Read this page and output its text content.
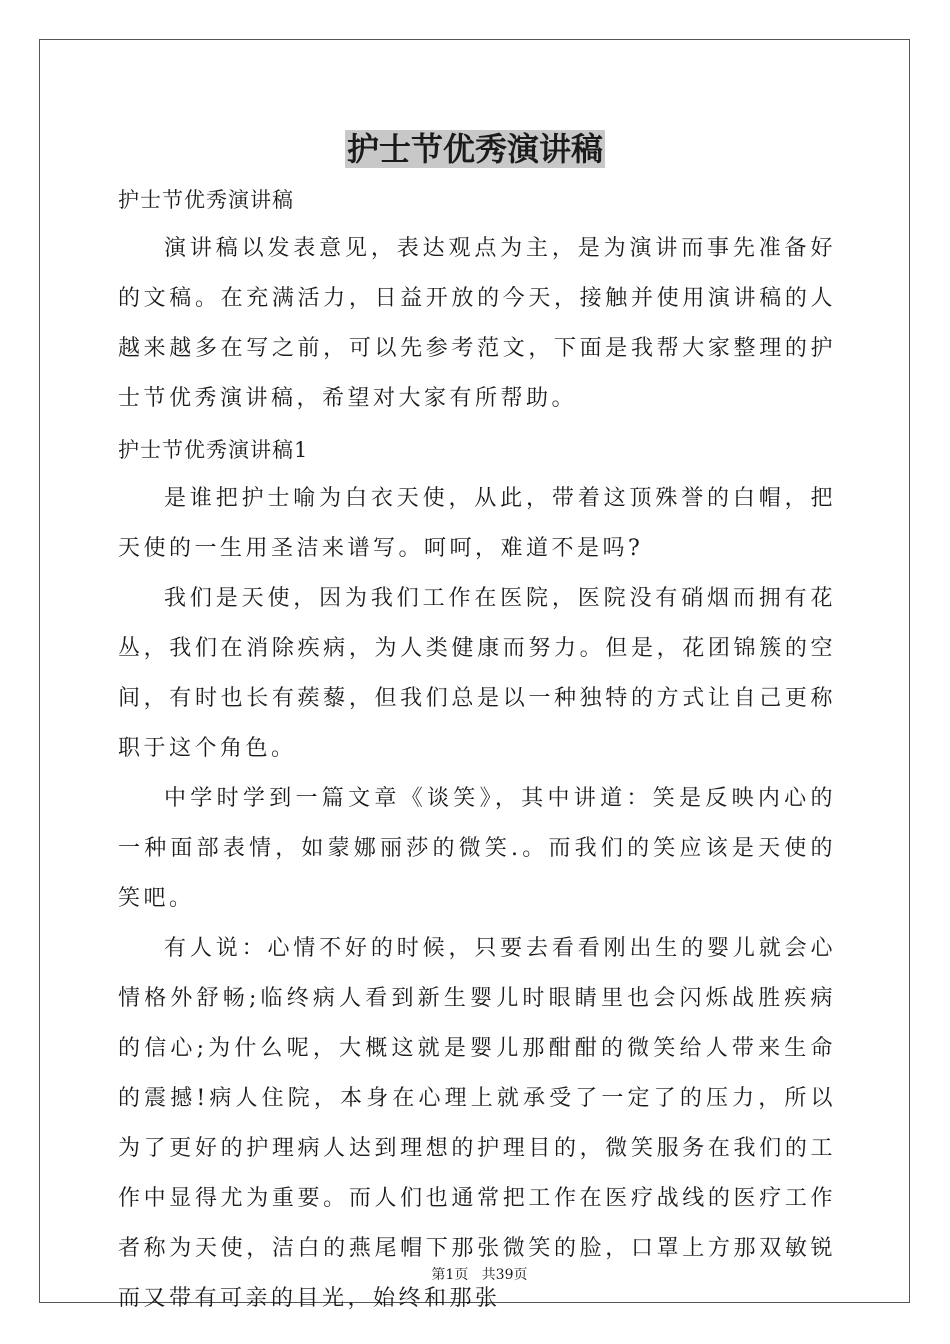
护士节优秀演讲稿

护士节优秀演讲稿

演讲稿以发表意见，表达观点为主，是为演讲而事先准备好的文稿。在充满活力，日益开放的今天，接触并使用演讲稿的人越来越多在写之前，可以先参考范文，下面是我帮大家整理的护士节优秀演讲稿，希望对大家有所帮助。

护士节优秀演讲稿1

是谁把护士喻为白衣天使，从此，带着这顶殊誉的白帽，把天使的一生用圣洁来谱写。呵呵，难道不是吗?

我们是天使，因为我们工作在医院，医院没有硝烟而拥有花丛，我们在消除疾病，为人类健康而努力。但是，花团锦簇的空间，有时也长有蒺藜，但我们总是以一种独特的方式让自己更称职于这个角色。

中学时学到一篇文章《谈笑》，其中讲道：笑是反映内心的一种面部表情，如蒙娜丽莎的微笑.。而我们的笑应该是天使的笑吧。

有人说：心情不好的时候，只要去看看刚出生的婴儿就会心情格外舒畅;临终病人看到新生婴儿时眼睛里也会闪烁战胜疾病的信心;为什么呢，大概这就是婴儿那酣酣的微笑给人带来生命的震撼!病人住院，本身在心理上就承受了一定了的压力，所以为了更好的护理病人达到理想的护理目的，微笑服务在我们的工作中显得尤为重要。而人们也通常把工作在医疗战线的医疗工作者称为天使，洁白的燕尾帽下那张微笑的脸，口罩上方那双敏锐而又带有可亲的目光，始终和那张

第1页   共39页
